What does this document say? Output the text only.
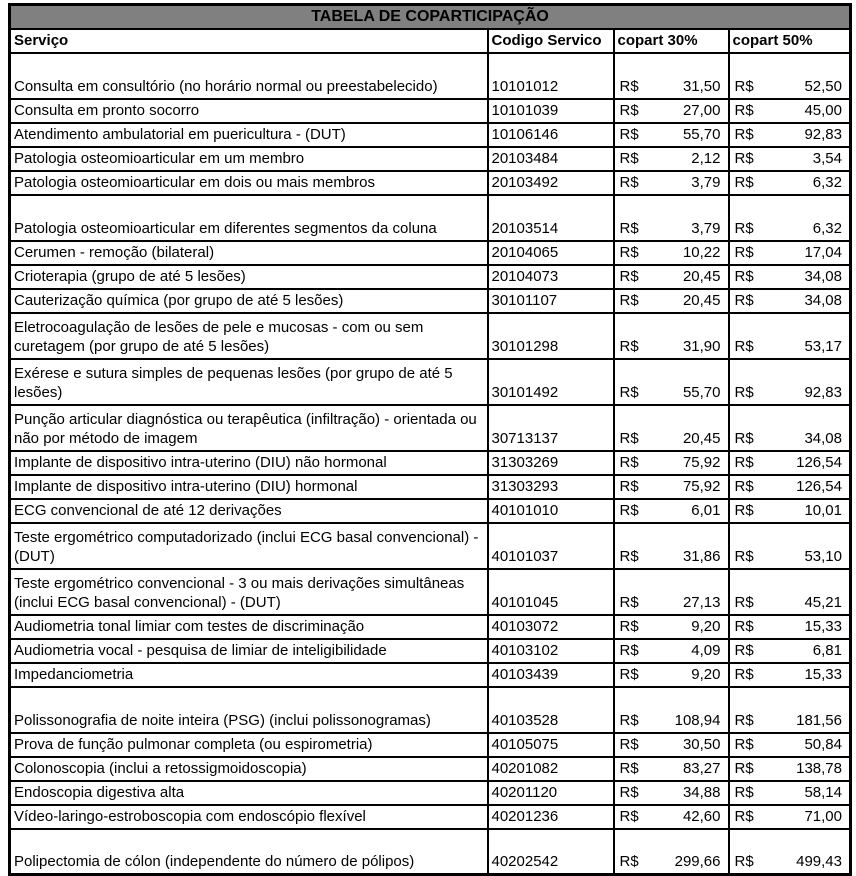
TABELA DE COPARTICIPAÇÃO			
Serviço	Codigo Servico	copart 30%	copart 50%
Consulta em consultório (no horário normal ou preestabelecido)	10101012	R$ 31,50	R$ 52,50

Consulta em pronto socorro	10101039	R$ 27,00	R$ 45,00

Atendimento ambulatorial em puericultura - (DUT)	10106146	R$ 55,70	R$ 92,83

Patologia osteomioarticular em um membro	20103484	R$ 2,12	R$ 3,54

Patologia osteomioarticular em dois ou mais membros	20103492	R$ 3,79	R$ 6,32

Patologia osteomioarticular em diferentes segmentos da coluna	20103514	R$ 3,79	R$ 6,32

Cerumen - remoção (bilateral)	20104065	R$ 10,22	R$ 17,04

Crioterapia (grupo de até 5 lesões)	20104073	R$ 20,45	R$ 34,08

Cauterização química (por grupo de até 5 lesões)	30101107	R$ 20,45	R$ 34,08

Eletrocoagulação de lesões de pele e mucosas - com ou sem curetagem (por grupo de até 5 lesões)	30101298	R$ 31,90	R$ 53,17

Exérese e sutura simples de pequenas lesões (por grupo de até 5 lesões)	30101492	R$ 55,70	R$ 92,83

Punção articular diagnóstica ou terapêutica (infiltração) - orientada ou não por método de imagem	30713137	R$ 20,45	R$ 34,08

Implante de dispositivo intra-uterino (DIU) não hormonal	31303269	R$ 75,92	R$ 126,54

Implante de dispositivo intra-uterino (DIU) hormonal	31303293	R$ 75,92	R$ 126,54

ECG convencional de até 12 derivações	40101010	R$ 6,01	R$ 10,01

Teste ergométrico computadorizado (inclui ECG basal convencional) - (DUT)	40101037	R$ 31,86	R$ 53,10

Teste ergométrico convencional - 3 ou mais derivações simultâneas (inclui ECG basal convencional) - (DUT)	40101045	R$ 27,13	R$ 45,21

Audiometria tonal limiar com testes de discriminação	40103072	R$ 9,20	R$ 15,33

Audiometria vocal - pesquisa de limiar de inteligibilidade	40103102	R$ 4,09	R$ 6,81

Impedanciometria	40103439	R$ 9,20	R$ 15,33

Polissonografia de noite inteira (PSG) (inclui polissonogramas)	40103528	R$ 108,94	R$ 181,56

Prova de função pulmonar completa (ou espirometria)	40105075	R$ 30,50	R$ 50,84

Colonoscopia (inclui a retossigmoidoscopia)	40201082	R$ 83,27	R$ 138,78

Endoscopia digestiva alta	40201120	R$ 34,88	R$ 58,14

Vídeo-laringo-estroboscopia com endoscópio flexível	40201236	R$ 42,60	R$ 71,00

Polipectomia de cólon (independente do número de pólipos)	40202542	R$ 299,66	R$ 499,43
